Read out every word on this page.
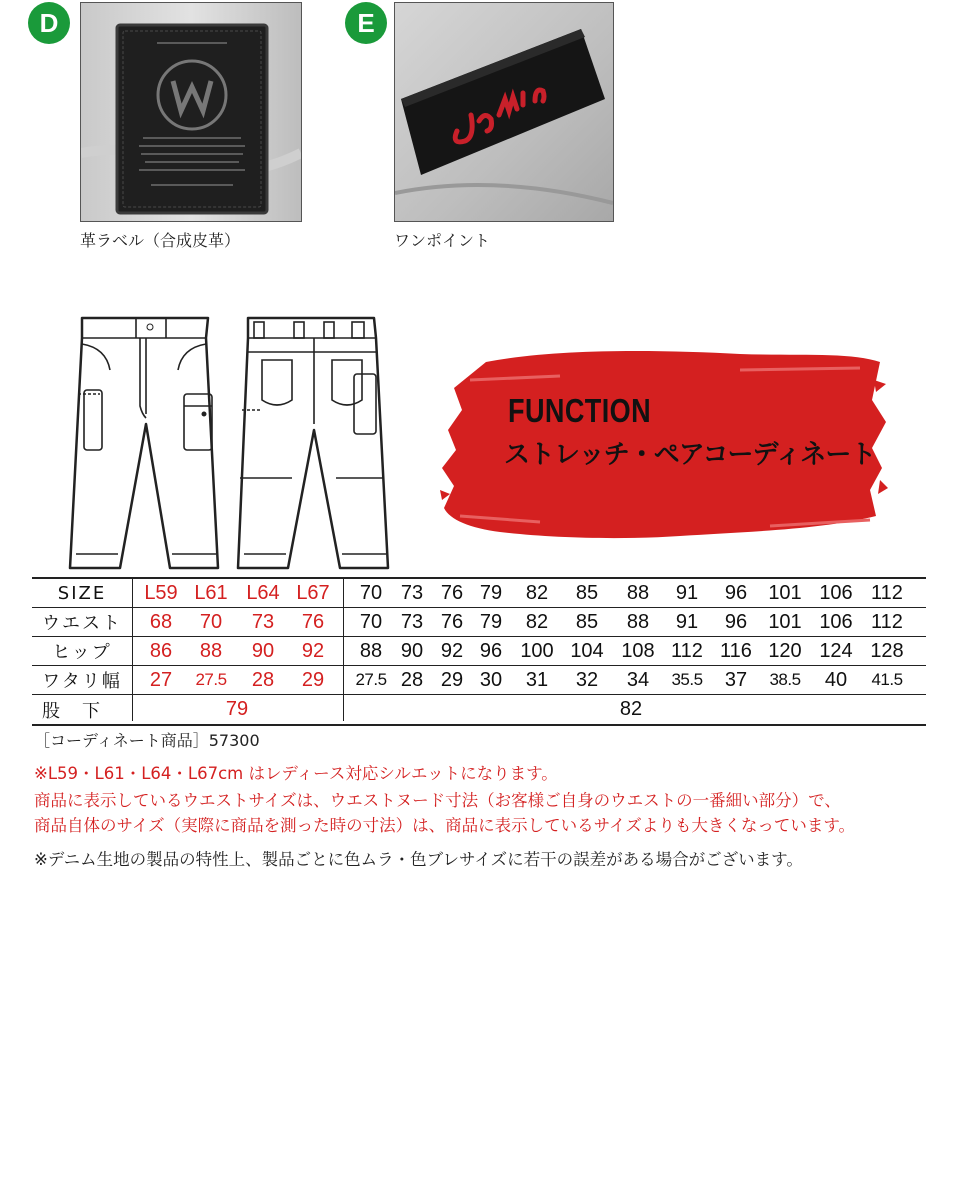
D
革ラベル（合成皮革）
E
ワンポイント
FUNCTION
ストレッチ・ペアコーディネート
SIZE	L59 L61 L64 L67	70 73 76 79	82	85	88	91	96	101 106 112
ウエスト	68	70	73	76	70 73 76 79	82	85	88	91	96	101 106 112
ヒップ	86	88	90	92	88 90 92 96 100 104 108 112 116 120 124 128
ワタリ幅	27	27.5	28	29	27.5 28 29 30	31	32	34	35.5	37	38.5	40	41.5
股　下	79	82
［コーディネート商品］57300
※L59・L61・L64・L67cm はレディース対応シルエットになります。
商品に表示しているウエストサイズは、ウエストヌード寸法（お客様ご自身のウエストの一番細い部分）で、
商品自体のサイズ（実際に商品を測った時の寸法）は、商品に表示しているサイズよりも大きくなっています。
※デニム生地の製品の特性上、製品ごとに色ムラ・色ブレサイズに若干の誤差がある場合がございます。
